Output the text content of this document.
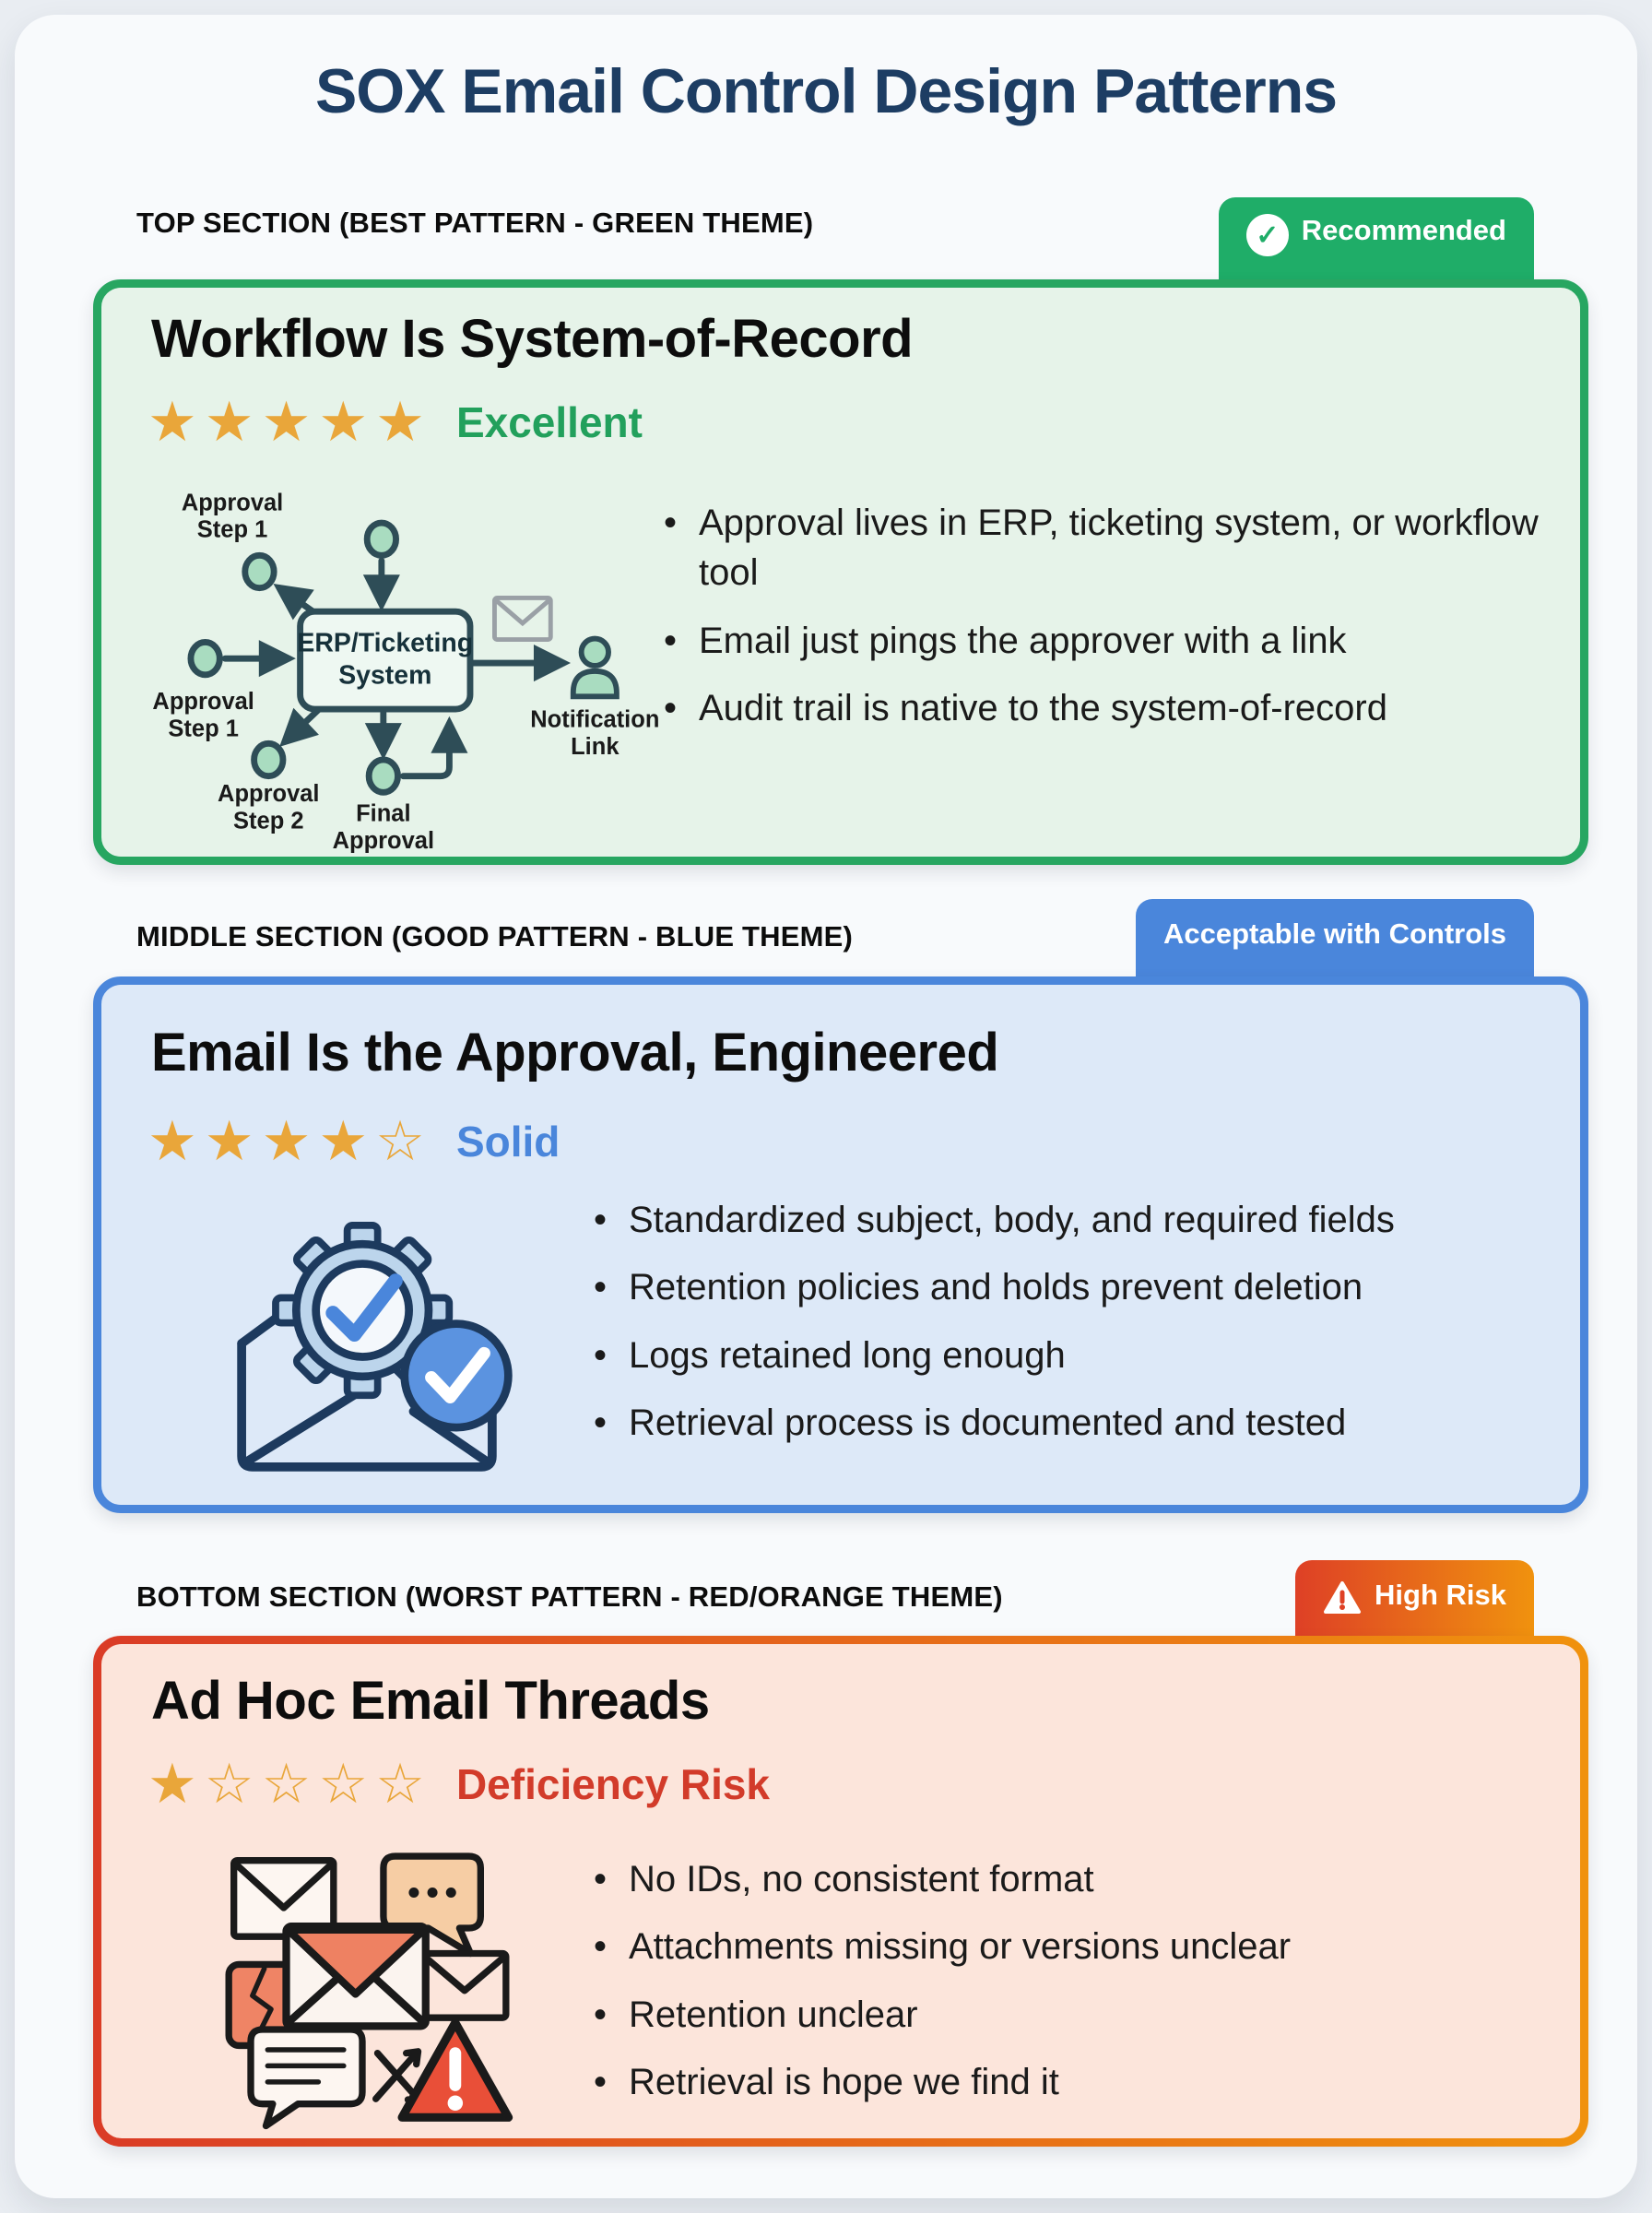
SOX Email Control Design Patterns
TOP SECTION (BEST PATTERN - GREEN THEME)	✓ Recommended
Workflow Is System-of-Record
★★★★★ Excellent
ERP/Ticketing
System
Approval
Step 1
Approval
Step 1
Approval
Step 2 Final
Approval
Notification
Link
• Approval lives in ERP, ticketing system, or workflow tool
• Email just pings the approver with a link
• Audit trail is native to the system-of-record
MIDDLE SECTION (GOOD PATTERN - BLUE THEME)	Acceptable with Controls
Email Is the Approval, Engineered
★★★★☆ Solid
• Standardized subject, body, and required fields
• Retention policies and holds prevent deletion
• Logs retained long enough
• Retrieval process is documented and tested
BOTTOM SECTION (WORST PATTERN - RED/ORANGE THEME)	High Risk
Ad Hoc Email Threads
★☆☆☆☆ Deficiency Risk
• No IDs, no consistent format
• Attachments missing or versions unclear
• Retention unclear
• Retrieval is hope we find it
